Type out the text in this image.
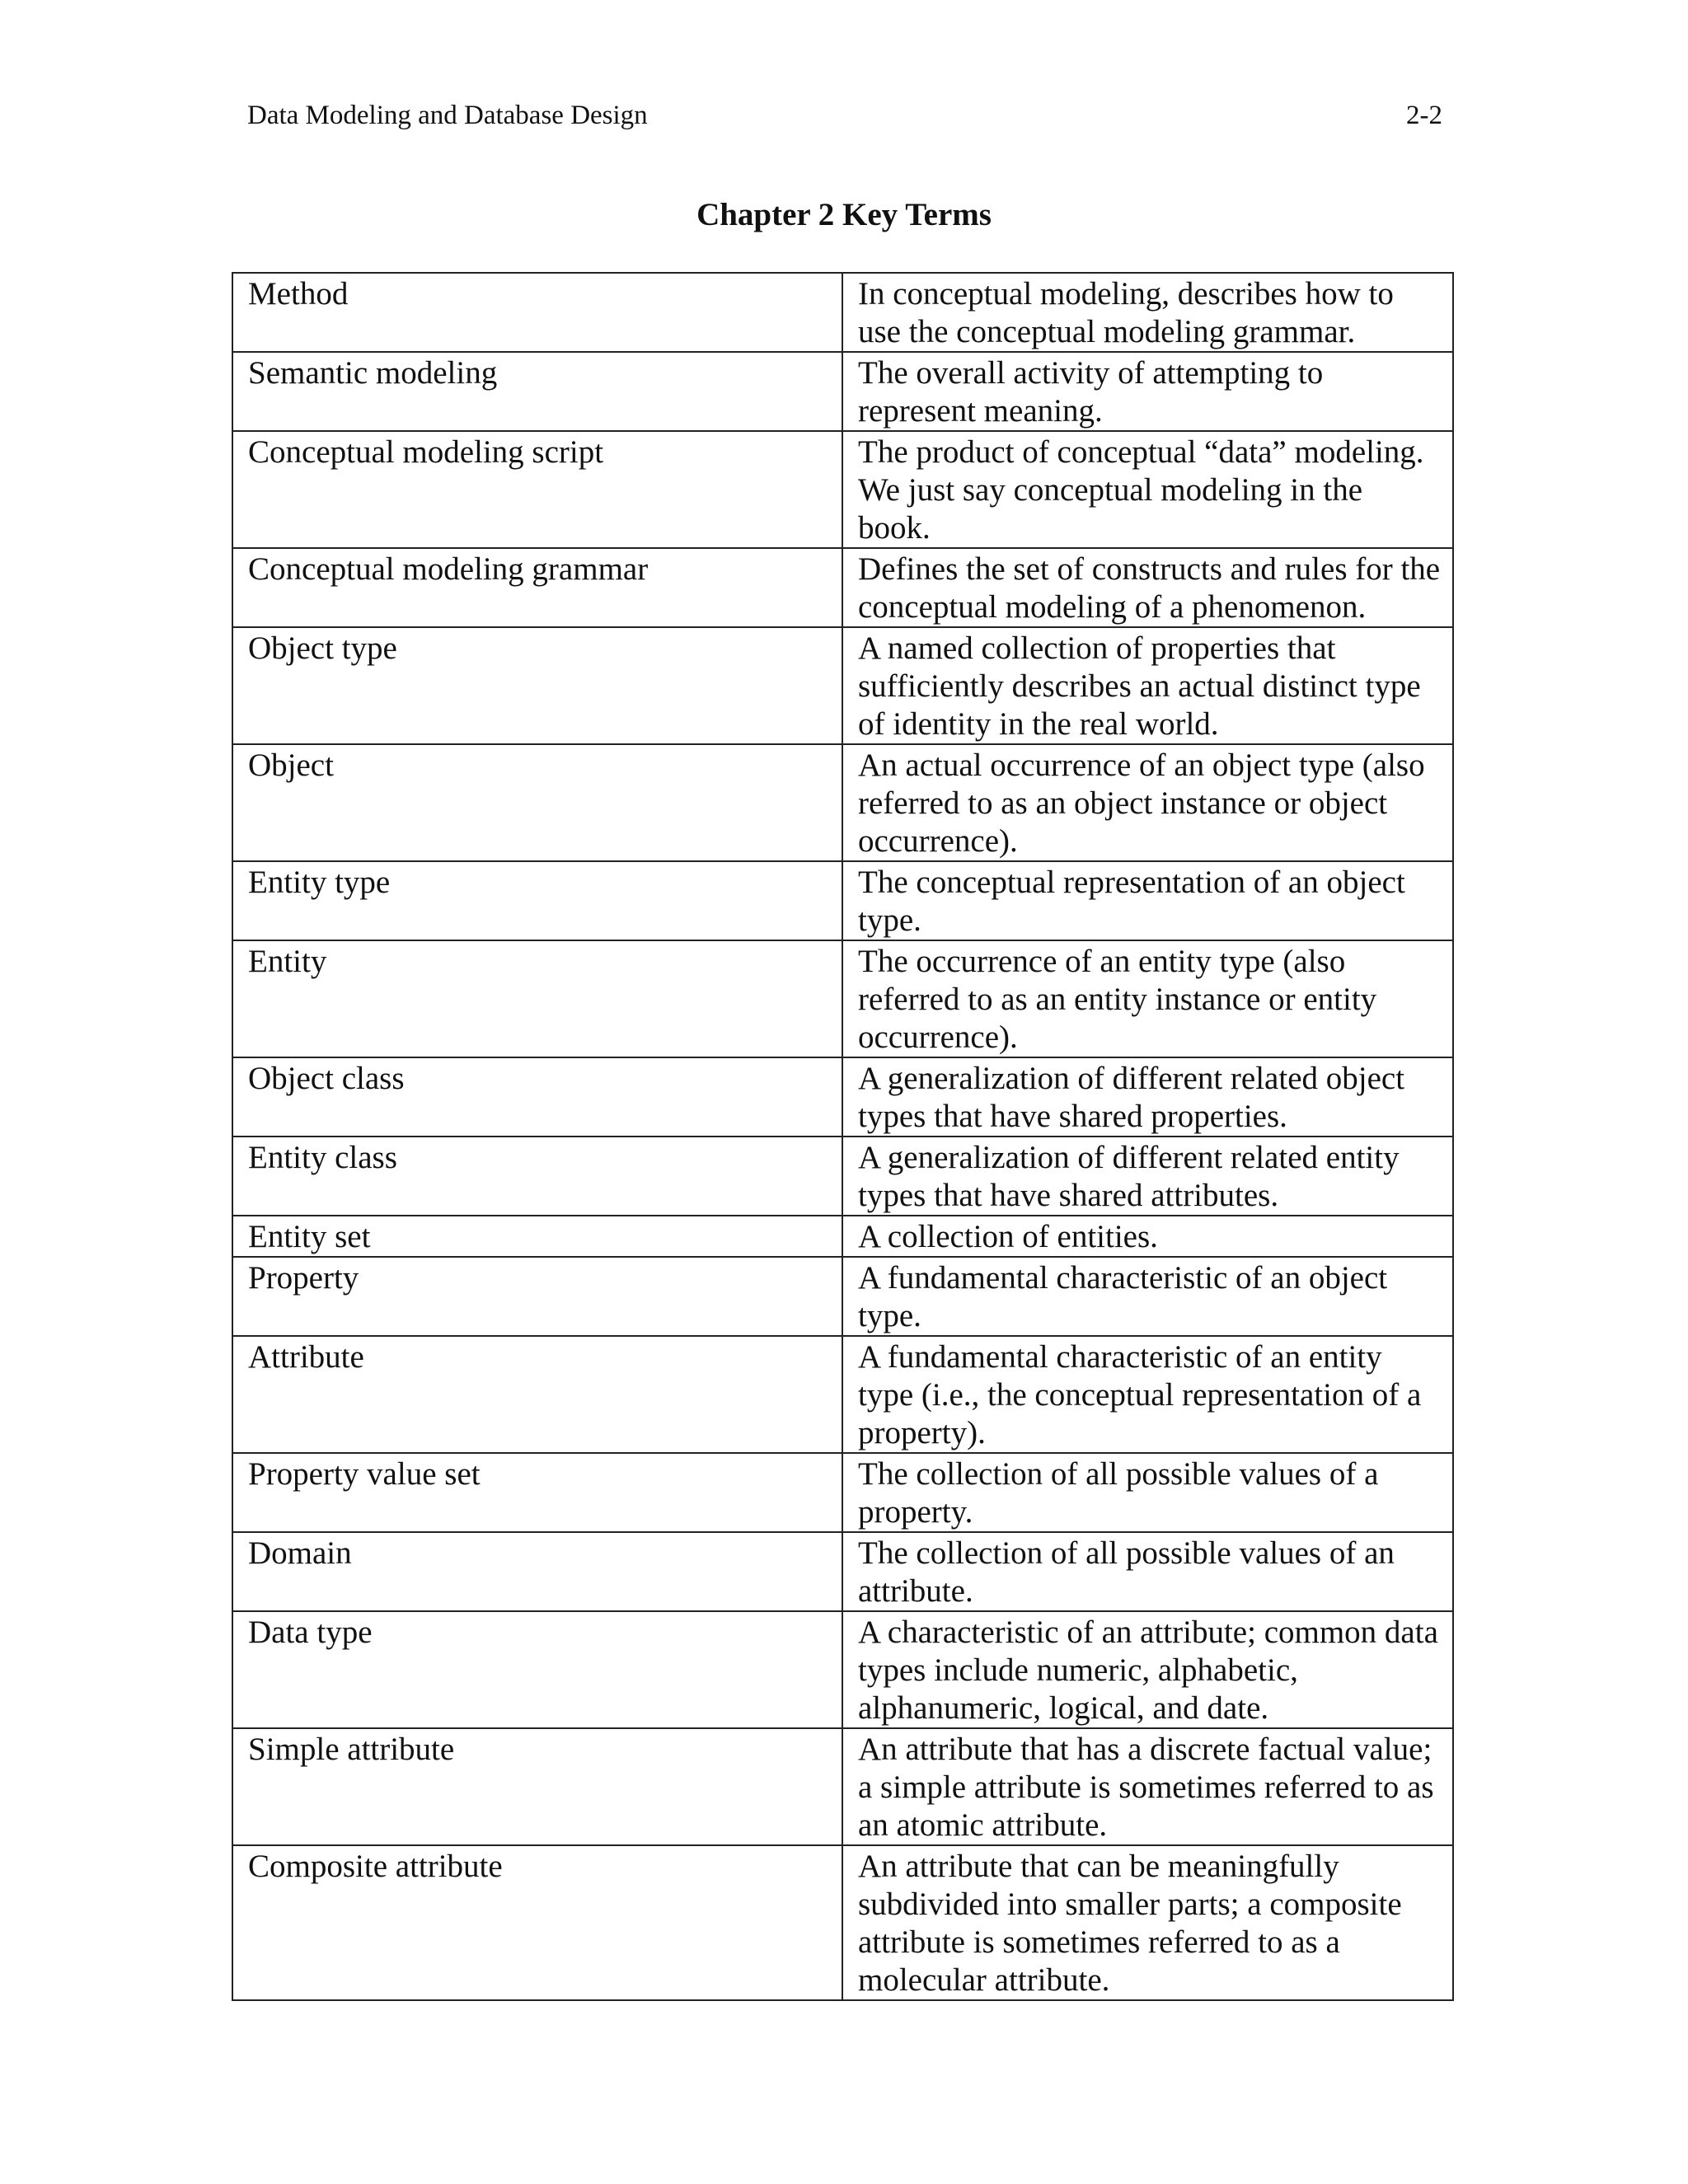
Data Modeling and Database Design	2-2
Chapter 2 Key Terms
Method	In conceptual modeling, describes how to use the conceptual modeling grammar.
Semantic modeling	The overall activity of attempting to represent meaning.
Conceptual modeling script	The product of conceptual “data” modeling. We just say conceptual modeling in the book.
Conceptual modeling grammar	Defines the set of constructs and rules for the conceptual modeling of a phenomenon.
Object type	A named collection of properties that sufficiently describes an actual distinct type of identity in the real world.
Object	An actual occurrence of an object type (also referred to as an object instance or object occurrence).
Entity type	The conceptual representation of an object type.
Entity	The occurrence of an entity type (also referred to as an entity instance or entity occurrence).
Object class	A generalization of different related object types that have shared properties.
Entity class	A generalization of different related entity types that have shared attributes.
Entity set	A collection of entities.
Property	A fundamental characteristic of an object type.
Attribute	A fundamental characteristic of an entity type (i.e., the conceptual representation of a property).
Property value set	The collection of all possible values of a property.
Domain	The collection of all possible values of an attribute.
Data type	A characteristic of an attribute; common data types include numeric, alphabetic, alphanumeric, logical, and date.
Simple attribute	An attribute that has a discrete factual value; a simple attribute is sometimes referred to as an atomic attribute.
Composite attribute	An attribute that can be meaningfully subdivided into smaller parts; a composite attribute is sometimes referred to as a molecular attribute.
